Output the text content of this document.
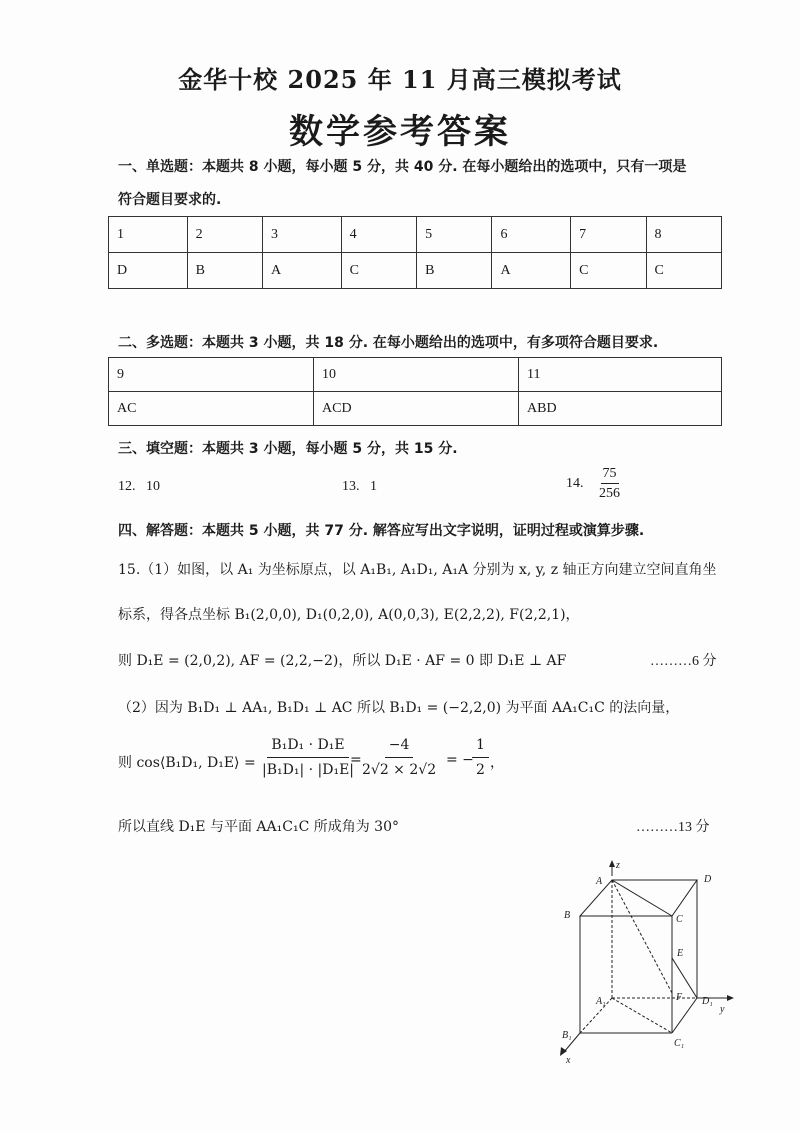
金华十校 2025 年 11 月高三模拟考试
数学参考答案
一、单选题：本题共 8 小题，每小题 5 分，共 40 分. 在每小题给出的选项中，只有一项是
符合题目要求的.
1	2	3	4	5	6	7	8
D	B	A	C	B	A	C	C
二、多选题：本题共 3 小题，共 18 分. 在每小题给出的选项中，有多项符合题目要求.
9	10	11
AC	ACD	ABD
三、填空题：本题共 3 小题，每小题 5 分，共 15 分.
12. 10	13. 1	14. $\frac{75}{256}$
四、解答题：本题共 5 小题，共 77 分. 解答应写出文字说明，证明过程或演算步骤.
15.（1）如图，以 A₁ 为坐标原点，以 A₁B₁, A₁D₁, A₁A 分别为 x, y, z 轴正方向建立空间直角坐
标系，得各点坐标 B₁(2,0,0), D₁(0,2,0), A(0,0,3), E(2,2,2), F(2,2,1)，
则 D₁E = (2,0,2), AF = (2,2,−2)，所以 D₁E · AF = 0 即 D₁E ⊥ AF	………6 分
（2）因为 B₁D₁ ⊥ AA₁, B₁D₁ ⊥ AC 所以 B₁D₁ = (−2,2,0) 为平面 AA₁C₁C 的法向量，
则 cos⟨B₁D₁, D₁E⟩ = $\frac{\text{B₁D₁ · D₁E}}{\text{|B₁D₁| · |D₁E|}}$
= $\frac{-4}{2√2 \times 2√2}$ = −
$\frac{1}{2}$ ，
所以直线 D₁E 与平面 AA₁C₁C 所成角为 30°	………13 分
z
y
x
A	D
B	C
E
A₁	F D₁
B₁
C₁
